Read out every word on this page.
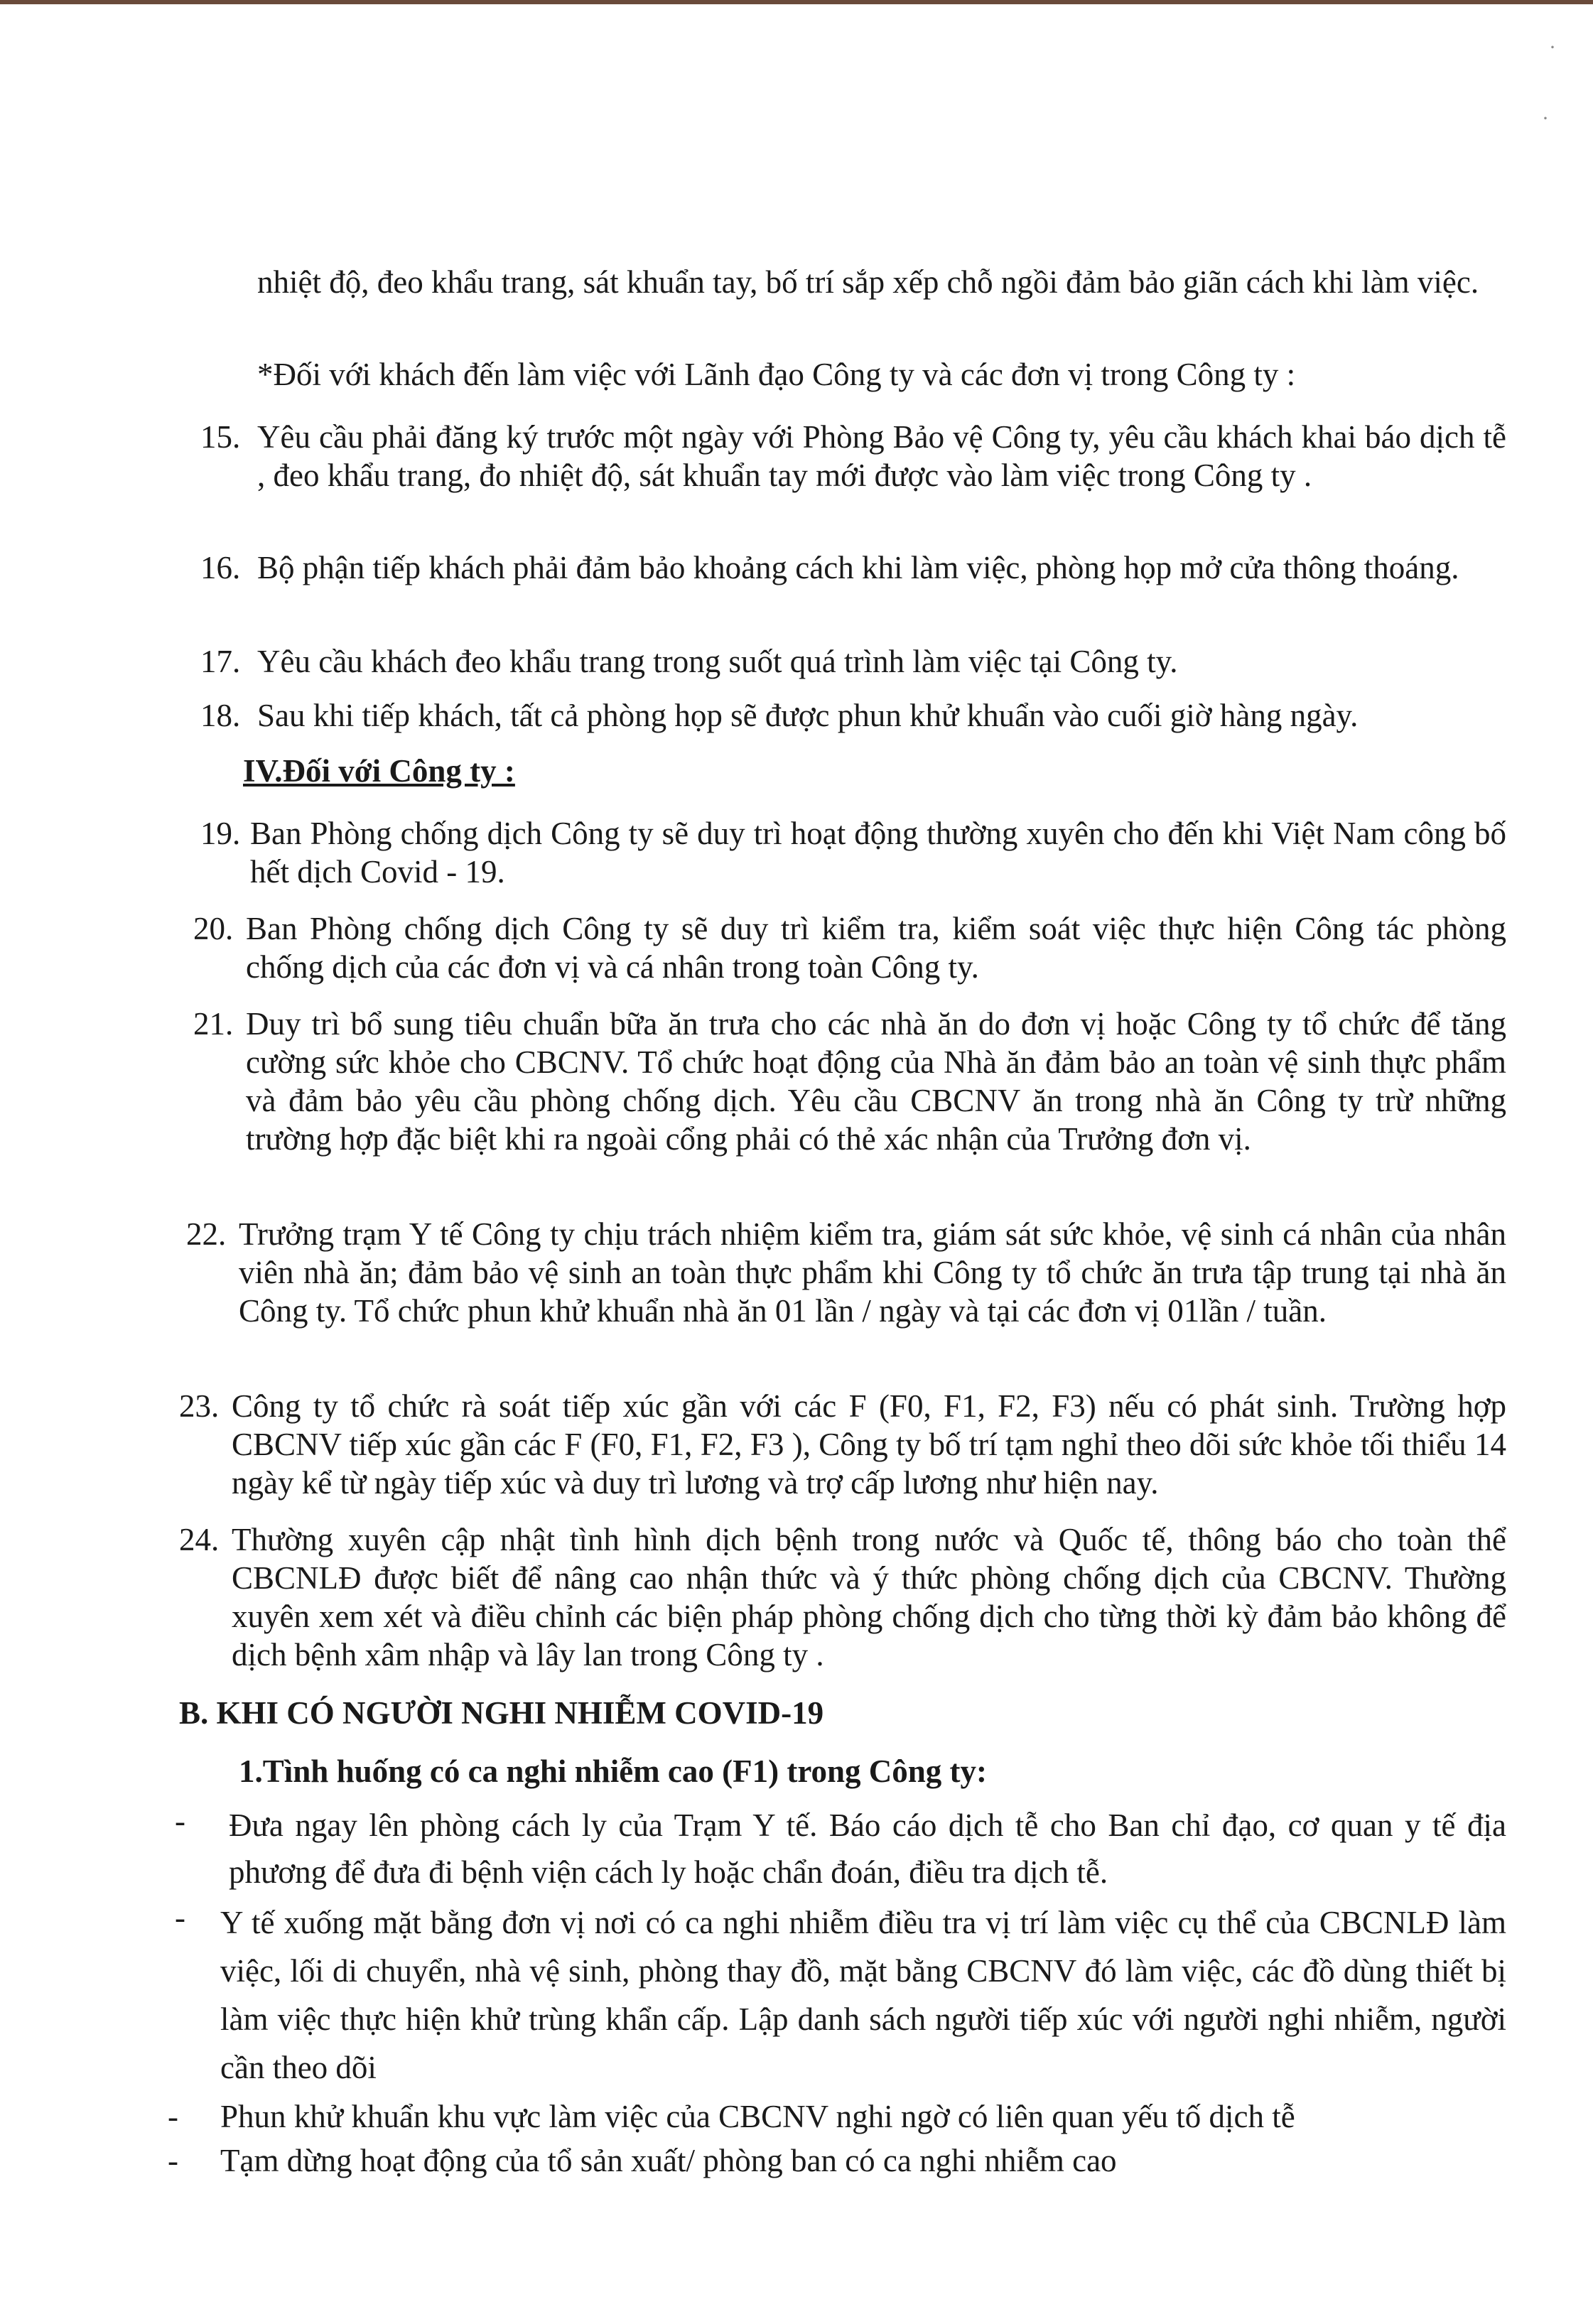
·
·

nhiệt độ, đeo khẩu trang, sát khuẩn tay, bố trí sắp xếp chỗ ngồi đảm bảo giãn cách khi làm việc.

*Đối với khách đến làm việc với Lãnh đạo Công ty và các đơn vị trong Công ty :

15. Yêu cầu phải đăng ký trước một ngày với Phòng Bảo vệ Công ty, yêu cầu khách khai báo dịch tễ , đeo khẩu trang, đo nhiệt độ, sát khuẩn tay mới được vào làm việc trong Công ty .
16. Bộ phận tiếp khách phải đảm bảo khoảng cách khi làm việc, phòng họp mở cửa thông thoáng.
17. Yêu cầu khách đeo khẩu trang trong suốt quá trình làm việc tại Công ty.
18. Sau khi tiếp khách, tất cả phòng họp sẽ được phun khử khuẩn vào cuối giờ hàng ngày.

IV.Đối với Công ty :

19. Ban Phòng chống dịch Công ty sẽ duy trì hoạt động thường xuyên cho đến khi Việt Nam công bố hết dịch Covid - 19.
20. Ban Phòng chống dịch Công ty sẽ duy trì kiểm tra, kiểm soát việc thực hiện Công tác phòng chống dịch của các đơn vị và cá nhân trong toàn Công ty.
21. Duy trì bổ sung tiêu chuẩn bữa ăn trưa cho các nhà ăn do đơn vị hoặc Công ty tổ chức để tăng cường sức khỏe cho CBCNV. Tổ chức hoạt động của Nhà ăn đảm bảo an toàn vệ sinh thực phẩm và đảm bảo yêu cầu phòng chống dịch. Yêu cầu CBCNV ăn trong nhà ăn Công ty trừ những trường hợp đặc biệt khi ra ngoài cổng phải có thẻ xác nhận của Trưởng đơn vị.
22. Trưởng trạm Y tế Công ty chịu trách nhiệm kiểm tra, giám sát sức khỏe, vệ sinh cá nhân của nhân viên nhà ăn; đảm bảo vệ sinh an toàn thực phẩm khi Công ty tổ chức ăn trưa tập trung tại nhà ăn Công ty. Tổ chức phun khử khuẩn nhà ăn 01 lần / ngày và tại các đơn vị 01lần / tuần.
23. Công ty tổ chức rà soát tiếp xúc gần với các F (F0, F1, F2, F3) nếu có phát sinh. Trường hợp CBCNV tiếp xúc gần các F (F0, F1, F2, F3 ), Công ty bố trí tạm nghỉ theo dõi sức khỏe tối thiểu 14 ngày kể từ ngày tiếp xúc và duy trì lương và trợ cấp lương như hiện nay.
24. Thường xuyên cập nhật tình hình dịch bệnh trong nước và Quốc tế, thông báo cho toàn thể CBCNLĐ được biết để nâng cao nhận thức và ý thức phòng chống dịch của CBCNV. Thường xuyên xem xét và điều chỉnh các biện pháp phòng chống dịch cho từng thời kỳ đảm bảo không để dịch bệnh xâm nhập và lây lan trong Công ty .

B. KHI CÓ NGƯỜI NGHI NHIỄM COVID-19

1.Tình huống có ca nghi nhiễm cao (F1) trong Công ty:

- Đưa ngay lên phòng cách ly của Trạm Y tế. Báo cáo dịch tễ cho Ban chỉ đạo, cơ quan y tế địa phương để đưa đi bệnh viện cách ly hoặc chẩn đoán, điều tra dịch tễ.
- Y tế xuống mặt bằng đơn vị nơi có ca nghi nhiễm điều tra vị trí làm việc cụ thể của CBCNLĐ làm việc, lối di chuyển, nhà vệ sinh, phòng thay đồ, mặt bằng CBCNV đó làm việc, các đồ dùng thiết bị làm việc thực hiện khử trùng khẩn cấp. Lập danh sách người tiếp xúc với người nghi nhiễm, người cần theo dõi
- Phun khử khuẩn khu vực làm việc của CBCNV nghi ngờ có liên quan yếu tố dịch tễ
- Tạm dừng hoạt động của tổ sản xuất/ phòng ban có ca nghi nhiễm cao
